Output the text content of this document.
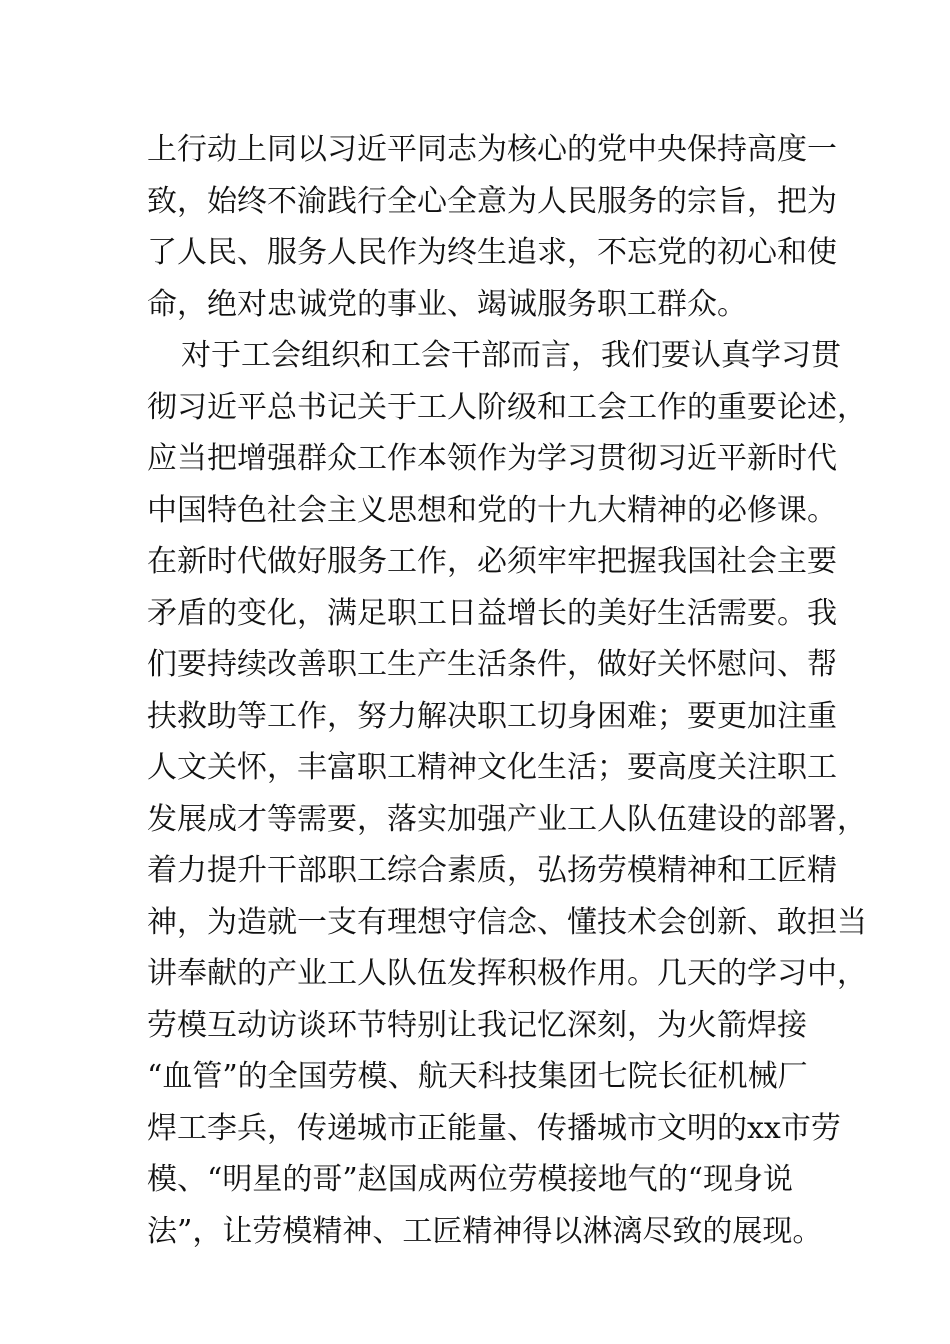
上行动上同以习近平同志为核心的党中央保持高度一
致，始终不渝践行全心全意为人民服务的宗旨，把为
了人民、服务人民作为终生追求，不忘党的初心和使
命，绝对忠诚党的事业、竭诚服务职工群众。
对于工会组织和工会干部而言，我们要认真学习贯
彻习近平总书记关于工人阶级和工会工作的重要论述，
应当把增强群众工作本领作为学习贯彻习近平新时代
中国特色社会主义思想和党的十九大精神的必修课。
在新时代做好服务工作，必须牢牢把握我国社会主要
矛盾的变化，满足职工日益增长的美好生活需要。我
们要持续改善职工生产生活条件，做好关怀慰问、帮
扶救助等工作，努力解决职工切身困难；要更加注重
人文关怀，丰富职工精神文化生活；要高度关注职工
发展成才等需要，落实加强产业工人队伍建设的部署，
着力提升干部职工综合素质，弘扬劳模精神和工匠精
神，为造就一支有理想守信念、懂技术会创新、敢担当
讲奉献的产业工人队伍发挥积极作用。几天的学习中，
劳模互动访谈环节特别让我记忆深刻，为火箭焊接
“血管”的全国劳模、航天科技集团七院长征机械厂
焊工李兵，传递城市正能量、传播城市文明的xx市劳
模、“明星的哥”赵国成两位劳模接地气的“现身说
法”，让劳模精神、工匠精神得以淋漓尽致的展现。
